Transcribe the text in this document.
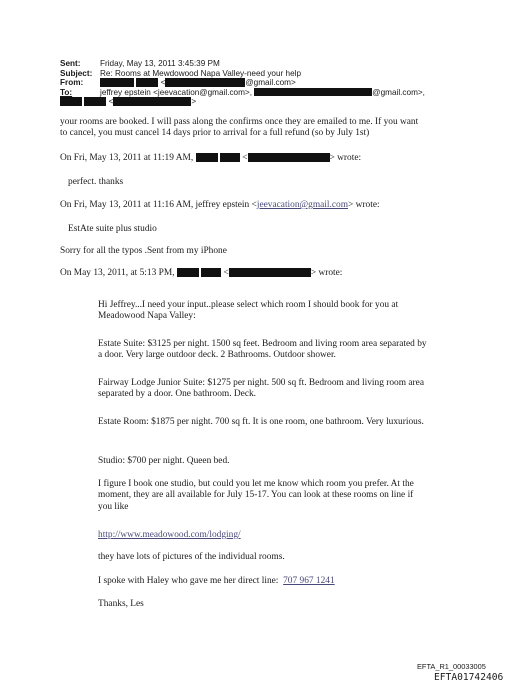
Sent: Friday, May 13, 2011 3:45:39 PM
Subject: Re: Rooms at Mewdowood Napa Valley-need your help
From:	<	@gmail.com>
To:	jeffrey epstein <jeevacation@gmail.com>,	@gmail.com>,
<	>
your rooms are booked. I will pass along the confirms once they are emailed to me. If you want
to cancel, you must cancel 14 days prior to arrival for a full refund (so by July 1st)
On Fri, May 13, 2011 at 11:19 AM,	<	> wrote:
perfect. thanks
On Fri, May 13, 2011 at 11:16 AM, jeffrey epstein <jeevacation@gmail.com> wrote:
EstAte suite plus studio
Sorry for all the typos .Sent from my iPhone
On May 13, 2011, at 5:13 PM,	<	> wrote:
Hi Jeffrey...I need your input..please select which room I should book for you at Meadowood Napa Valley:
Estate Suite: $3125 per night. 1500 sq feet. Bedroom and living room area separated by a door. Very large outdoor deck. 2 Bathrooms. Outdoor shower.
Fairway Lodge Junior Suite: $1275 per night. 500 sq ft. Bedroom and living room area separated by a door. One bathroom. Deck.
Estate Room: $1875 per night. 700 sq ft. It is one room, one bathroom. Very luxurious.
Studio: $700 per night. Queen bed.
I figure I book one studio, but could you let me know which room you prefer. At the moment, they are all available for July 15-17. You can look at these rooms on line if you like
http://www.meadowood.com/lodging/
they have lots of pictures of the individual rooms.
I spoke with Haley who gave me her direct line: 707 967 1241
Thanks, Les
EFTA_R1_00033005
EFTA01742406
